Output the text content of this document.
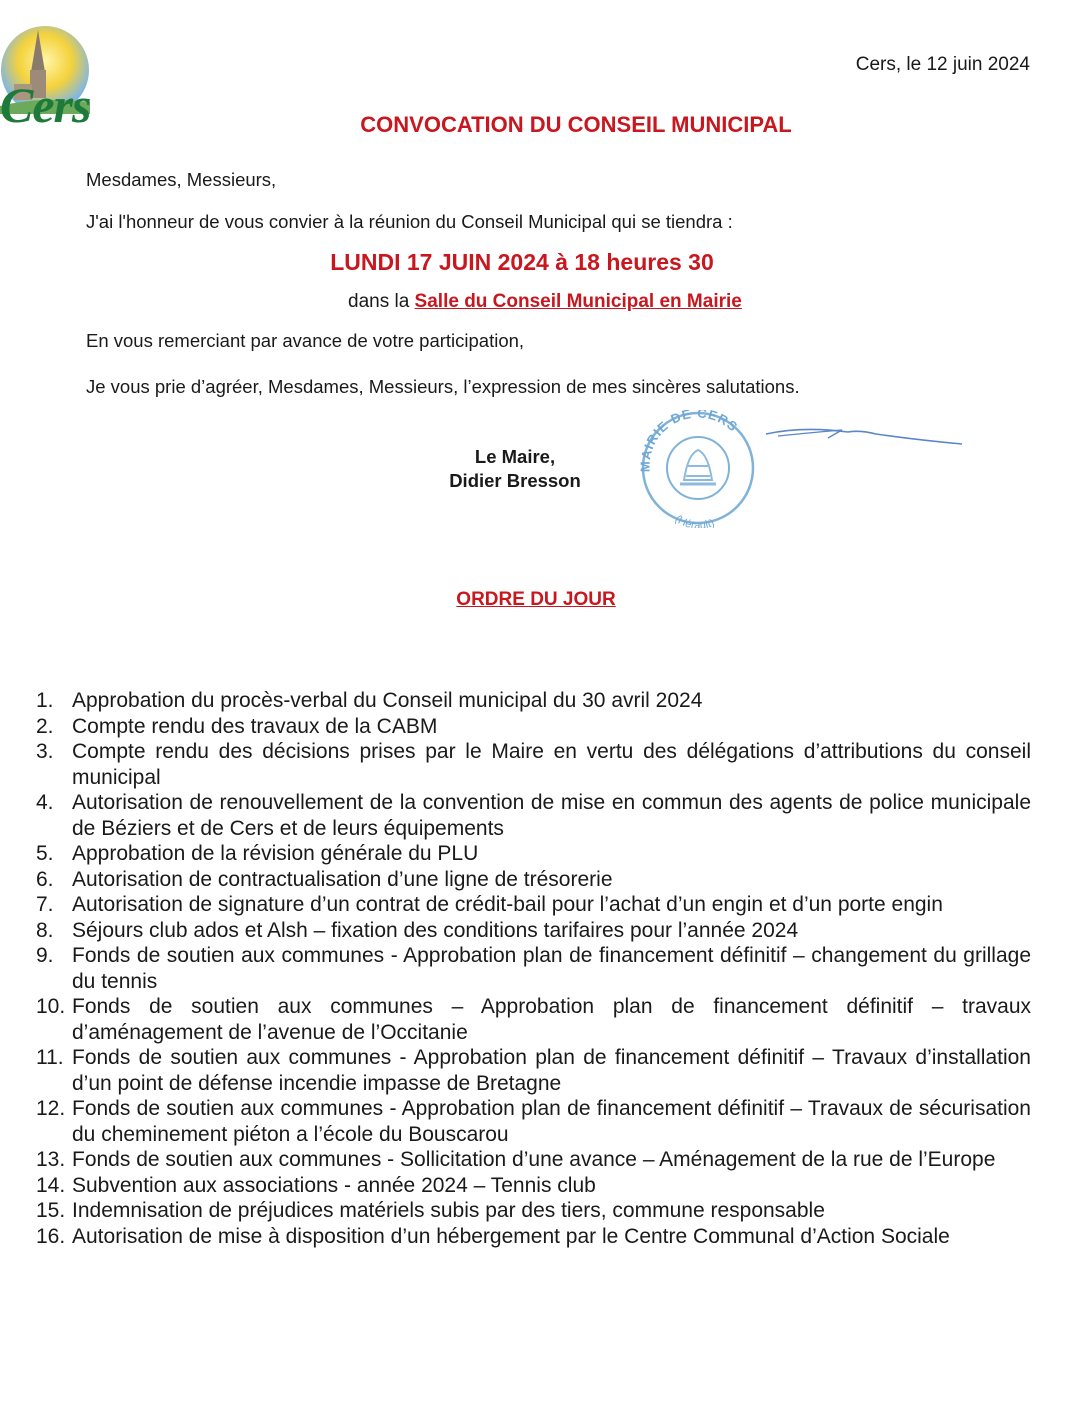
Cers
Cers, le 12 juin 2024
CONVOCATION DU CONSEIL MUNICIPAL
Mesdames, Messieurs,
J'ai l'honneur de vous convier à la réunion du Conseil Municipal qui se tiendra :
LUNDI 17 JUIN 2024 à 18 heures 30
dans la Salle du Conseil Municipal en Mairie
En vous remerciant par avance de votre participation,
Je vous prie d’agréer, Mesdames, Messieurs, l’expression de mes sincères salutations.
Le Maire,
Didier Bresson
MAIRIE DE CERS
(Hérault)
ORDRE DU JOUR
1. Approbation du procès-verbal du Conseil municipal du 30 avril 2024
2. Compte rendu des travaux de la CABM
3. Compte rendu des décisions prises par le Maire en vertu des délégations d’attributions du conseil municipal
4. Autorisation de renouvellement de la convention de mise en commun des agents de police municipale de Béziers et de Cers et de leurs équipements
5. Approbation de la révision générale du PLU
6. Autorisation de contractualisation d’une ligne de trésorerie
7. Autorisation de signature d’un contrat de crédit-bail pour l’achat d’un engin et d’un porte engin
8. Séjours club ados et Alsh – fixation des conditions tarifaires pour l’année 2024
9. Fonds de soutien aux communes - Approbation plan de financement définitif – changement du grillage du tennis
10. Fonds de soutien aux communes – Approbation plan de financement définitif – travaux d’aménagement de l’avenue de l’Occitanie
11. Fonds de soutien aux communes - Approbation plan de financement définitif – Travaux d’installation d’un point de défense incendie impasse de Bretagne
12. Fonds de soutien aux communes - Approbation plan de financement définitif – Travaux de sécurisation du cheminement piéton a l’école du Bouscarou
13. Fonds de soutien aux communes - Sollicitation d’une avance – Aménagement de la rue de l’Europe
14. Subvention aux associations - année 2024 – Tennis club
15. Indemnisation de préjudices matériels subis par des tiers, commune responsable
16. Autorisation de mise à disposition d’un hébergement par le Centre Communal d’Action Sociale
